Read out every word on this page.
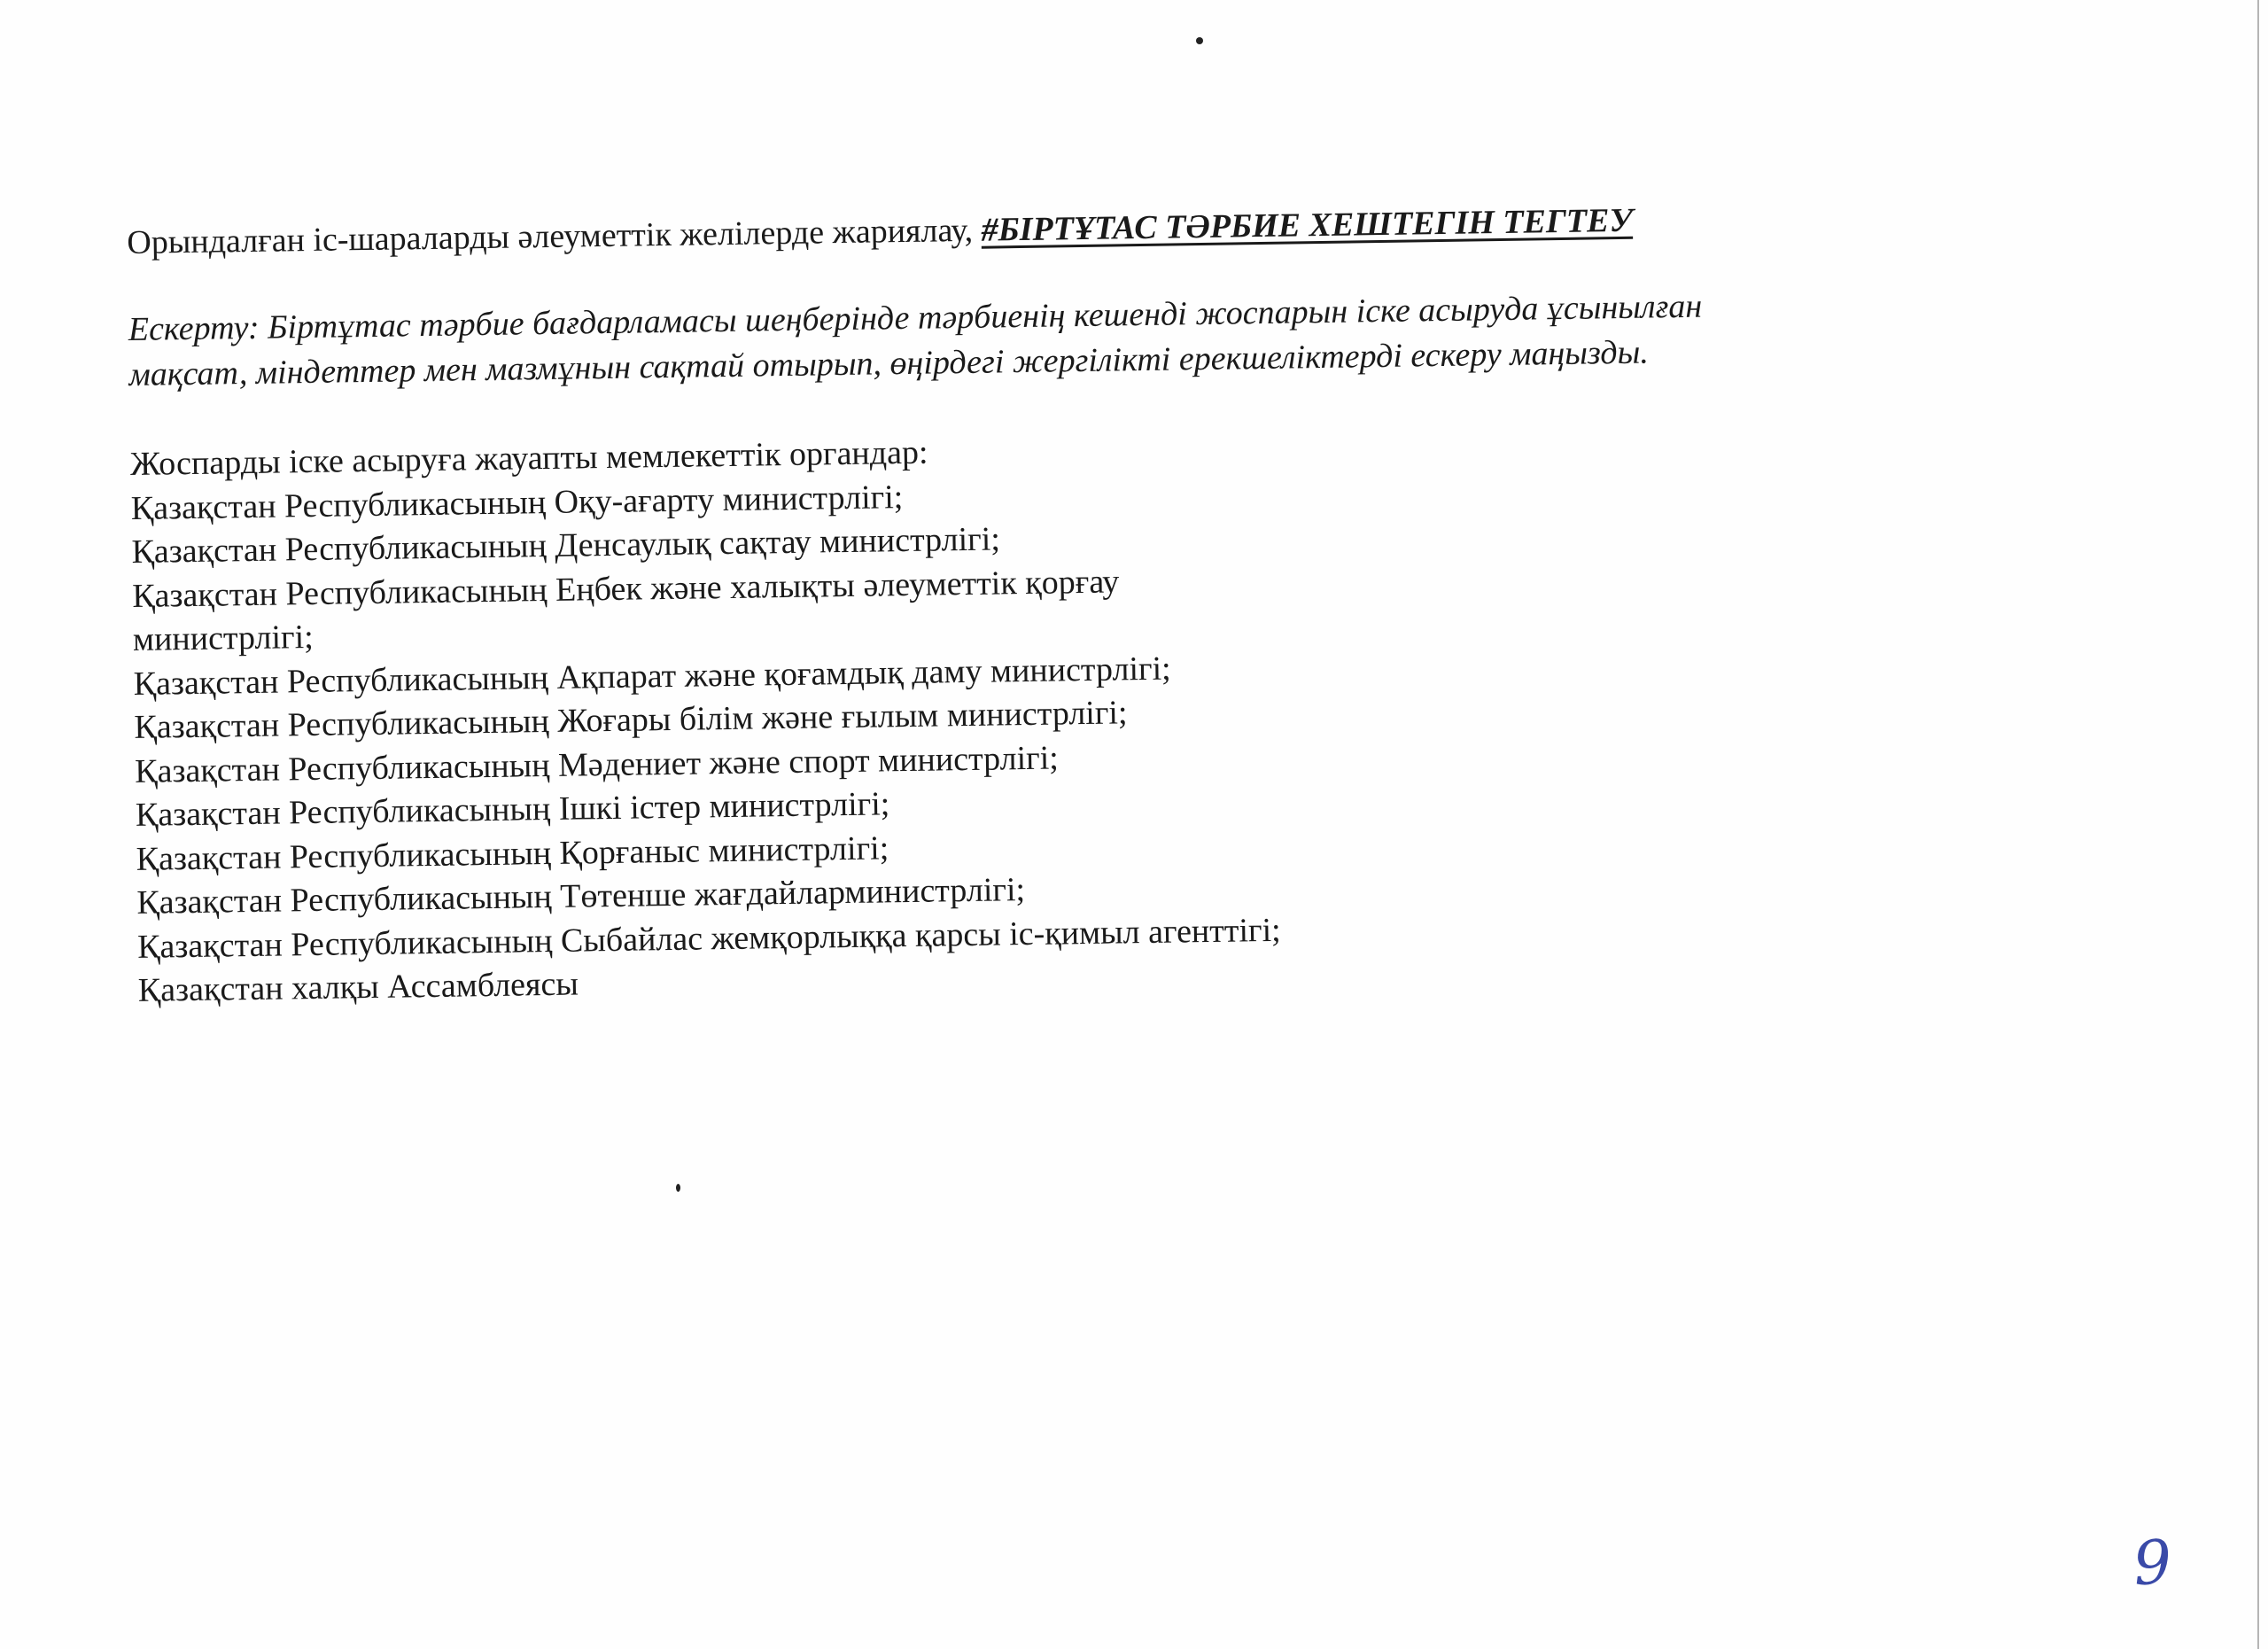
Орындалған іс-шараларды әлеуметтік желілерде жариялау, #БІРТҰТАС ТӘРБИЕ ХЕШТЕГІН ТЕГТЕУ

Ескерту: Біртұтас тәрбие бағдарламасы шеңберінде тәрбиенің кешенді жоспарын іске асыруда ұсынылған

мақсат, міндеттер мен мазмұнын сақтай отырып, өңірдегі жергілікті ерекшеліктерді ескеру маңызды.

Жоспарды іске асыруға жауапты мемлекеттік органдар:

Қазақстан Республикасының Оқу-ағарту министрлігі;

Қазақстан Республикасының Денсаулық сақтау министрлігі;

Қазақстан Республикасының Еңбек және халықты әлеуметтік қорғау

министрлігі;

Қазақстан Республикасының Ақпарат және қоғамдық даму министрлігі;

Қазақстан Республикасының Жоғары білім және ғылым министрлігі;

Қазақстан Республикасының Мәдениет және спорт министрлігі;

Қазақстан Республикасының Ішкі істер министрлігі;

Қазақстан Республикасының Қорғаныс министрлігі;

Қазақстан Республикасының Төтенше жағдайларминистрлігі;

Қазақстан Республикасының Сыбайлас жемқорлыққа қарсы іс-қимыл агенттігі;

Қазақстан халқы Ассамблеясы

9
